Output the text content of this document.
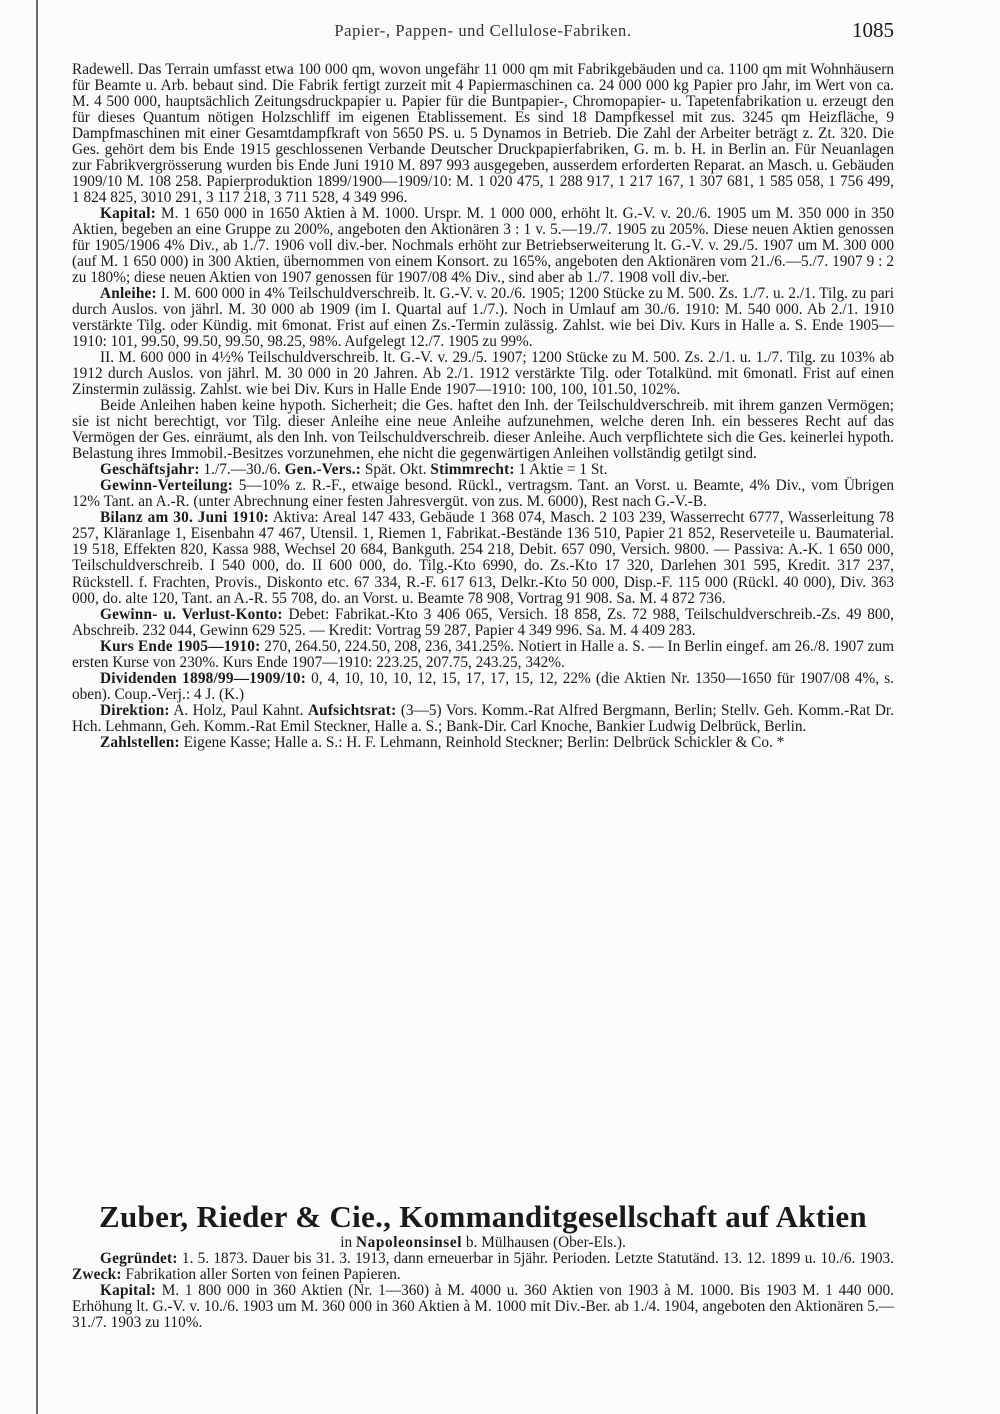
Papier-, Pappen- und Cellulose-Fabriken.	1085

Radewell. Das Terrain umfasst etwa 100 000 qm, wovon ungefähr 11 000 qm mit Fabrikgebäuden und ca. 1100 qm mit Wohnhäusern für Beamte u. Arb. bebaut sind. Die Fabrik fertigt zurzeit mit 4 Papiermaschinen ca. 24 000 000 kg Papier pro Jahr, im Wert von ca. M. 4 500 000, hauptsächlich Zeitungsdruckpapier u. Papier für die Buntpapier-, Chromopapier- u. Tapetenfabrikation u. erzeugt den für dieses Quantum nötigen Holzschliff im eigenen Etablissement. Es sind 18 Dampfkessel mit zus. 3245 qm Heizfläche, 9 Dampfmaschinen mit einer Gesamtdampfkraft von 5650 PS. u. 5 Dynamos in Betrieb. Die Zahl der Arbeiter beträgt z. Zt. 320. Die Ges. gehört dem bis Ende 1915 geschlossenen Verbande Deutscher Druckpapierfabriken, G. m. b. H. in Berlin an. Für Neuanlagen zur Fabrikvergrösserung wurden bis Ende Juni 1910 M. 897 993 ausgegeben, ausserdem erforderten Reparat. an Masch. u. Gebäuden 1909/10 M. 108 258. Papierproduktion 1899/1900—1909/10: M. 1 020 475, 1 288 917, 1 217 167, 1 307 681, 1 585 058, 1 756 499, 1 824 825, 3010 291, 3 117 218, 3 711 528, 4 349 996.

Kapital: M. 1 650 000 in 1650 Aktien à M. 1000. Urspr. M. 1 000 000, erhöht lt. G.-V. v. 20./6. 1905 um M. 350 000 in 350 Aktien, begeben an eine Gruppe zu 200%, angeboten den Aktionären 3 : 1 v. 5.—19./7. 1905 zu 205%. Diese neuen Aktien genossen für 1905/1906 4% Div., ab 1./7. 1906 voll div.-ber. Nochmals erhöht zur Betriebserweiterung lt. G.-V. v. 29./5. 1907 um M. 300 000 (auf M. 1 650 000) in 300 Aktien, übernommen von einem Konsort. zu 165%, angeboten den Aktionären vom 21./6.—5./7. 1907 9 : 2 zu 180%; diese neuen Aktien von 1907 genossen für 1907/08 4% Div., sind aber ab 1./7. 1908 voll div.-ber.

Anleihe: I. M. 600 000 in 4% Teilschuldverschreib. lt. G.-V. v. 20./6. 1905; 1200 Stücke zu M. 500. Zs. 1./7. u. 2./1. Tilg. zu pari durch Auslos. von jährl. M. 30 000 ab 1909 (im I. Quartal auf 1./7.). Noch in Umlauf am 30./6. 1910: M. 540 000. Ab 2./1. 1910 verstärkte Tilg. oder Kündig. mit 6monat. Frist auf einen Zs.-Termin zulässig. Zahlst. wie bei Div. Kurs in Halle a. S. Ende 1905—1910: 101, 99.50, 99.50, 99.50, 98.25, 98%. Aufgelegt 12./7. 1905 zu 99%.

II. M. 600 000 in 4½% Teilschuldverschreib. lt. G.-V. v. 29./5. 1907; 1200 Stücke zu M. 500. Zs. 2./1. u. 1./7. Tilg. zu 103% ab 1912 durch Auslos. von jährl. M. 30 000 in 20 Jahren. Ab 2./1. 1912 verstärkte Tilg. oder Totalkünd. mit 6monatl. Frist auf einen Zinstermin zulässig. Zahlst. wie bei Div. Kurs in Halle Ende 1907—1910: 100, 100, 101.50, 102%.

Beide Anleihen haben keine hypoth. Sicherheit; die Ges. haftet den Inh. der Teilschuldverschreib. mit ihrem ganzen Vermögen; sie ist nicht berechtigt, vor Tilg. dieser Anleihe eine neue Anleihe aufzunehmen, welche deren Inh. ein besseres Recht auf das Vermögen der Ges. einräumt, als den Inh. von Teilschuldverschreib. dieser Anleihe. Auch verpflichtete sich die Ges. keinerlei hypoth. Belastung ihres Immobil.-Besitzes vorzunehmen, ehe nicht die gegenwärtigen Anleihen vollständig getilgt sind.

Geschäftsjahr: 1./7.—30./6. Gen.-Vers.: Spät. Okt. Stimmrecht: 1 Aktie = 1 St.

Gewinn-Verteilung: 5—10% z. R.-F., etwaige besond. Rückl., vertragsm. Tant. an Vorst. u. Beamte, 4% Div., vom Übrigen 12% Tant. an A.-R. (unter Abrechnung einer festen Jahresvergüt. von zus. M. 6000), Rest nach G.-V.-B.

Bilanz am 30. Juni 1910: Aktiva: Areal 147 433, Gebäude 1 368 074, Masch. 2 103 239, Wasserrecht 6777, Wasserleitung 78 257, Kläranlage 1, Eisenbahn 47 467, Utensil. 1, Riemen 1, Fabrikat.-Bestände 136 510, Papier 21 852, Reserveteile u. Baumaterial. 19 518, Effekten 820, Kassa 988, Wechsel 20 684, Bankguth. 254 218, Debit. 657 090, Versich. 9800. — Passiva: A.-K. 1 650 000, Teilschuldverschreib. I 540 000, do. II 600 000, do. Tilg.-Kto 6990, do. Zs.-Kto 17 320, Darlehen 301 595, Kredit. 317 237, Rückstell. f. Frachten, Provis., Diskonto etc. 67 334, R.-F. 617 613, Delkr.-Kto 50 000, Disp.-F. 115 000 (Rückl. 40 000), Div. 363 000, do. alte 120, Tant. an A.-R. 55 708, do. an Vorst. u. Beamte 78 908, Vortrag 91 908. Sa. M. 4 872 736.

Gewinn- u. Verlust-Konto: Debet: Fabrikat.-Kto 3 406 065, Versich. 18 858, Zs. 72 988, Teilschuldverschreib.-Zs. 49 800, Abschreib. 232 044, Gewinn 629 525. — Kredit: Vortrag 59 287, Papier 4 349 996. Sa. M. 4 409 283.

Kurs Ende 1905—1910: 270, 264.50, 224.50, 208, 236, 341.25%. Notiert in Halle a. S. — In Berlin eingef. am 26./8. 1907 zum ersten Kurse von 230%. Kurs Ende 1907—1910: 223.25, 207.75, 243.25, 342%.

Dividenden 1898/99—1909/10: 0, 4, 10, 10, 10, 12, 15, 17, 17, 15, 12, 22% (die Aktien Nr. 1350—1650 für 1907/08 4%, s. oben). Coup.-Verj.: 4 J. (K.)

Direktion: A. Holz, Paul Kahnt. Aufsichtsrat: (3—5) Vors. Komm.-Rat Alfred Bergmann, Berlin; Stellv. Geh. Komm.-Rat Dr. Hch. Lehmann, Geh. Komm.-Rat Emil Steckner, Halle a. S.; Bank-Dir. Carl Knoche, Bankier Ludwig Delbrück, Berlin.

Zahlstellen: Eigene Kasse; Halle a. S.: H. F. Lehmann, Reinhold Steckner; Berlin: Delbrück Schickler & Co. *

Zuber, Rieder & Cie., Kommanditgesellschaft auf Aktien

in Napoleonsinsel b. Mülhausen (Ober-Els.).

Gegründet: 1. 5. 1873. Dauer bis 31. 3. 1913, dann erneuerbar in 5jähr. Perioden. Letzte Statutänd. 13. 12. 1899 u. 10./6. 1903. Zweck: Fabrikation aller Sorten von feinen Papieren.

Kapital: M. 1 800 000 in 360 Aktien (Nr. 1—360) à M. 4000 u. 360 Aktien von 1903 à M. 1000. Bis 1903 M. 1 440 000. Erhöhung lt. G.-V. v. 10./6. 1903 um M. 360 000 in 360 Aktien à M. 1000 mit Div.-Ber. ab 1./4. 1904, angeboten den Aktionären 5.—31./7. 1903 zu 110%.
